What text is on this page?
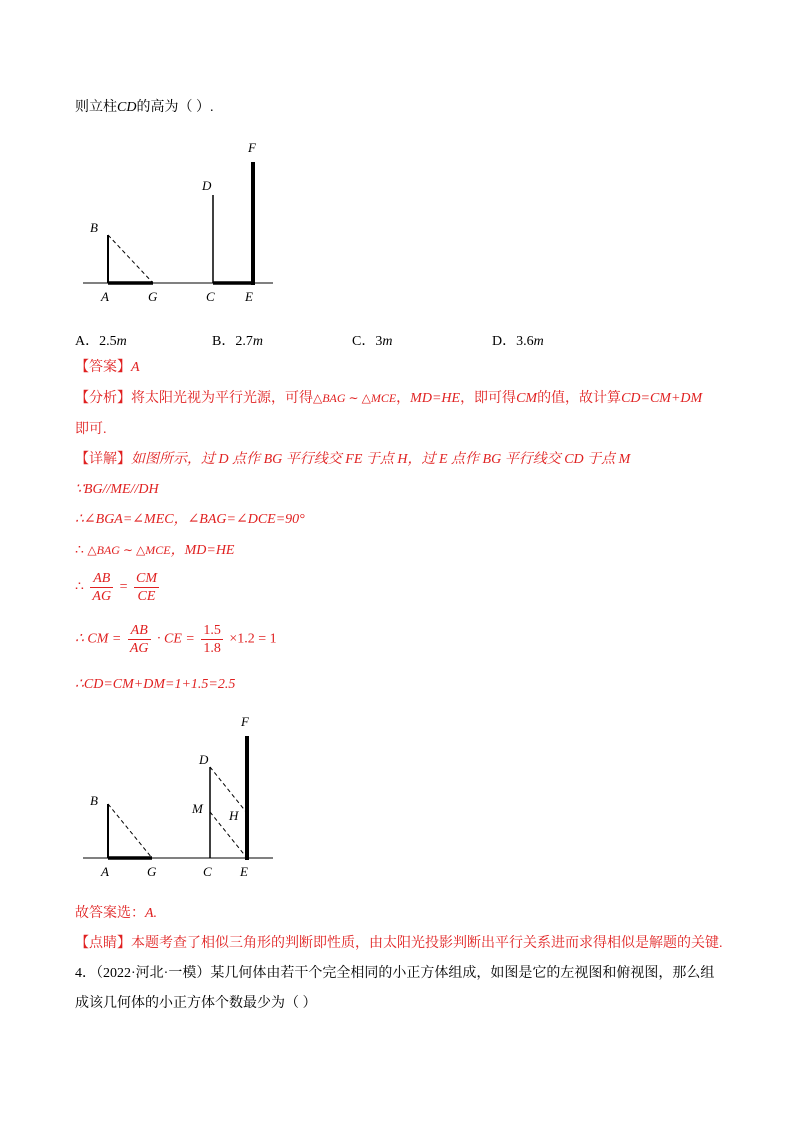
则立柱CD的高为（ ）.
B
A	G
D
C E
F
A．2.5m	B．2.7m	C．3m	D．3.6m
【答案】A
【分析】将太阳光视为平行光源，可得△BAG ∼ △MCE，MD=HE，即可得CM的值，故计算CD=CM+DM
即可.
【详解】如图所示，过 D 点作 BG 平行线交 FE 于点 H，过 E 点作 BG 平行线交 CD 于点 M
∵BG//ME//DH
∴∠BGA=∠MEC，∠BAG=∠DCE=90°
∴ △BAG ∼ △MCE，MD=HE
∴ $\frac{AB}{AG} = \frac{CM}{CE}$
∴ CM = $\frac{AB}{AG}$ · CE = $\frac{1.5}{1.8} \times 1.2 = 1$
∴CD=CM+DM=1+1.5=2.5
B
A	G
D
M H
C E
F
故答案选：A.
【点睛】本题考查了相似三角形的判断即性质，由太阳光投影判断出平行关系进而求得相似是解题的关键.
4．（2022·河北·一模）某几何体由若干个完全相同的小正方体组成，如图是它的左视图和俯视图，那么组
成该几何体的小正方体个数最少为（ ）
